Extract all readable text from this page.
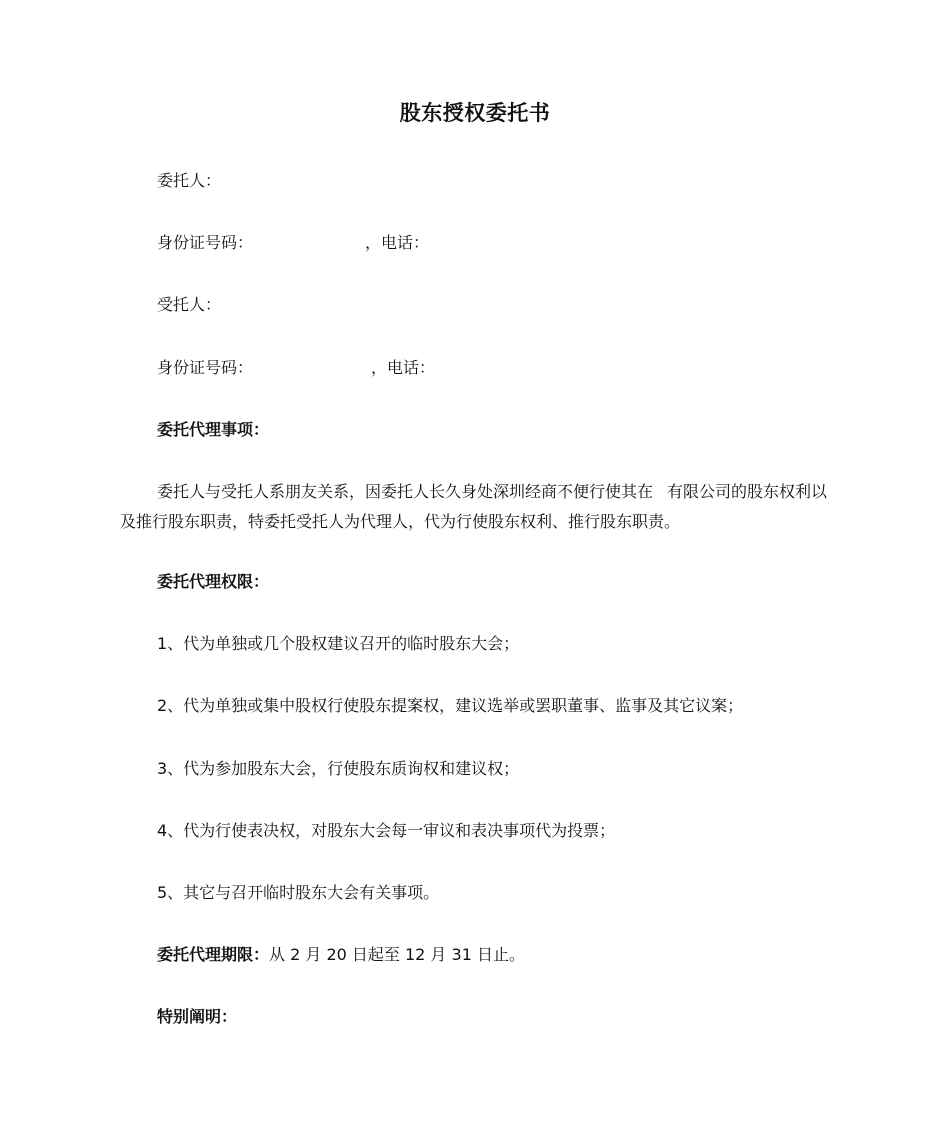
股东授权委托书
委托人：
身份证号码：	，电话：
受托人：
身份证号码：	，电话：
委托代理事项：
委托人与受托人系朋友关系，因委托人长久身处深圳经商不便行使其在 有限公司的股东权利以及推行股东职责，特委托受托人为代理人，代为行使股东权利、推行股东职责。
委托代理权限：
1、代为单独或几个股权建议召开的临时股东大会；
2、代为单独或集中股权行使股东提案权，建议选举或罢职董事、监事及其它议案；
3、代为参加股东大会，行使股东质询权和建议权；
4、代为行使表决权，对股东大会每一审议和表决事项代为投票；
5、其它与召开临时股东大会有关事项。
委托代理期限：从 2 月 20 日起至 12 月 31 日止。
特别阐明：
